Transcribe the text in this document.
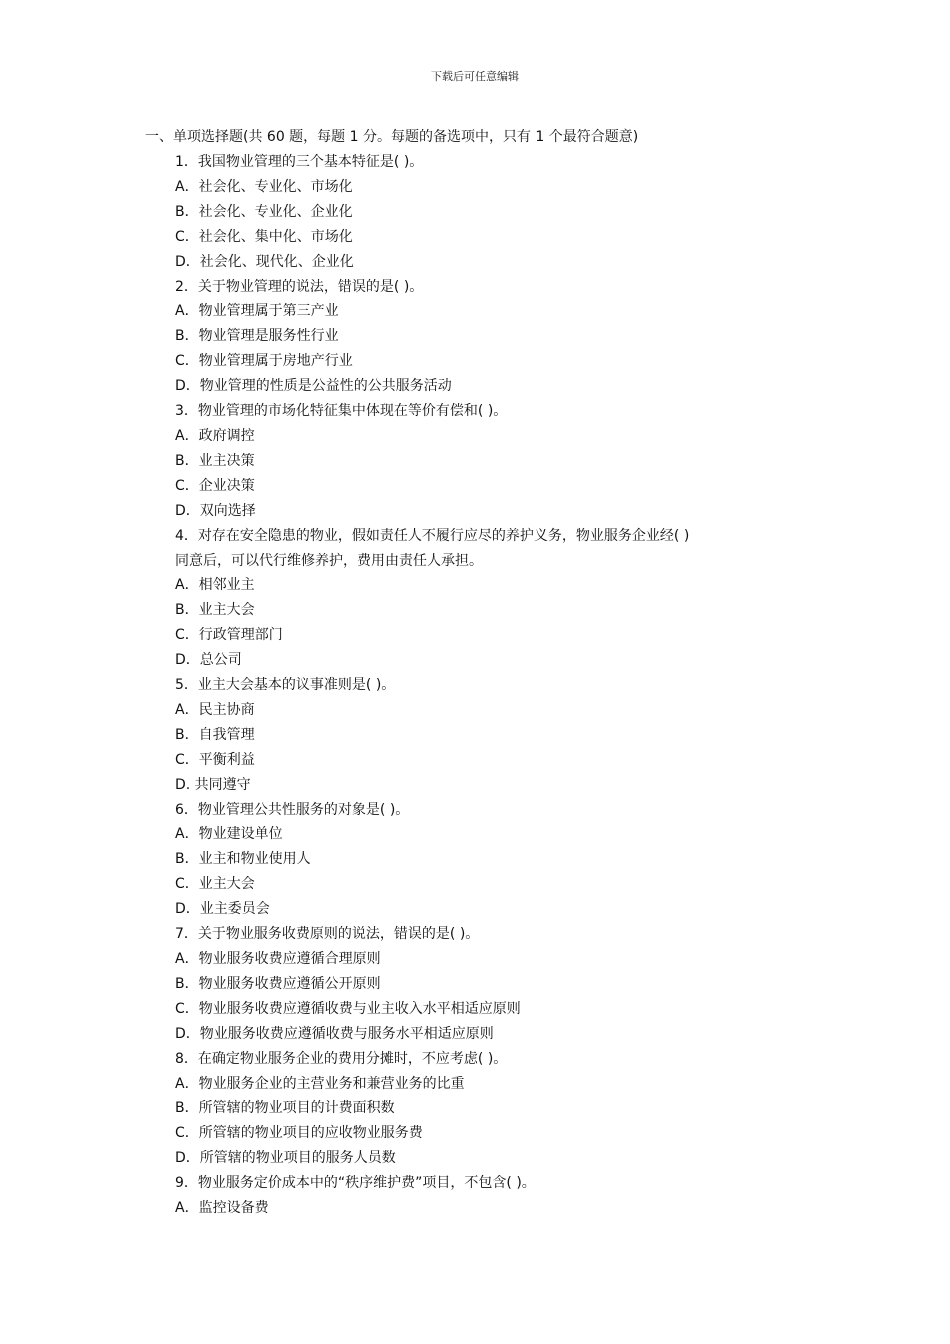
下载后可任意编辑
一、单项选择题(共 60 题，每题 1 分。每题的备选项中，只有 1 个最符合题意)
1．我国物业管理的三个基本特征是( )。
A．社会化、专业化、市场化
B．社会化、专业化、企业化
C．社会化、集中化、市场化
D．社会化、现代化、企业化
2．关于物业管理的说法，错误的是( )。
A．物业管理属于第三产业
B．物业管理是服务性行业
C．物业管理属于房地产行业
D．物业管理的性质是公益性的公共服务活动
3．物业管理的市场化特征集中体现在等价有偿和( )。
A．政府调控
B．业主决策
C．企业决策
D．双向选择
4．对存在安全隐患的物业，假如责任人不履行应尽的养护义务，物业服务企业经( )
同意后，可以代行维修养护，费用由责任人承担。
A．相邻业主
B．业主大会
C．行政管理部门
D．总公司
5．业主大会基本的议事准则是( )。
A．民主协商
B．自我管理
C．平衡利益
D. 共同遵守
6．物业管理公共性服务的对象是( )。
A．物业建设单位
B．业主和物业使用人
C．业主大会
D．业主委员会
7．关于物业服务收费原则的说法，错误的是( )。
A．物业服务收费应遵循合理原则
B．物业服务收费应遵循公开原则
C．物业服务收费应遵循收费与业主收入水平相适应原则
D．物业服务收费应遵循收费与服务水平相适应原则
8．在确定物业服务企业的费用分摊时，不应考虑( )。
A．物业服务企业的主营业务和兼营业务的比重
B．所管辖的物业项目的计费面积数
C．所管辖的物业项目的应收物业服务费
D．所管辖的物业项目的服务人员数
9．物业服务定价成本中的“秩序维护费”项目，不包含( )。
A．监控设备费
